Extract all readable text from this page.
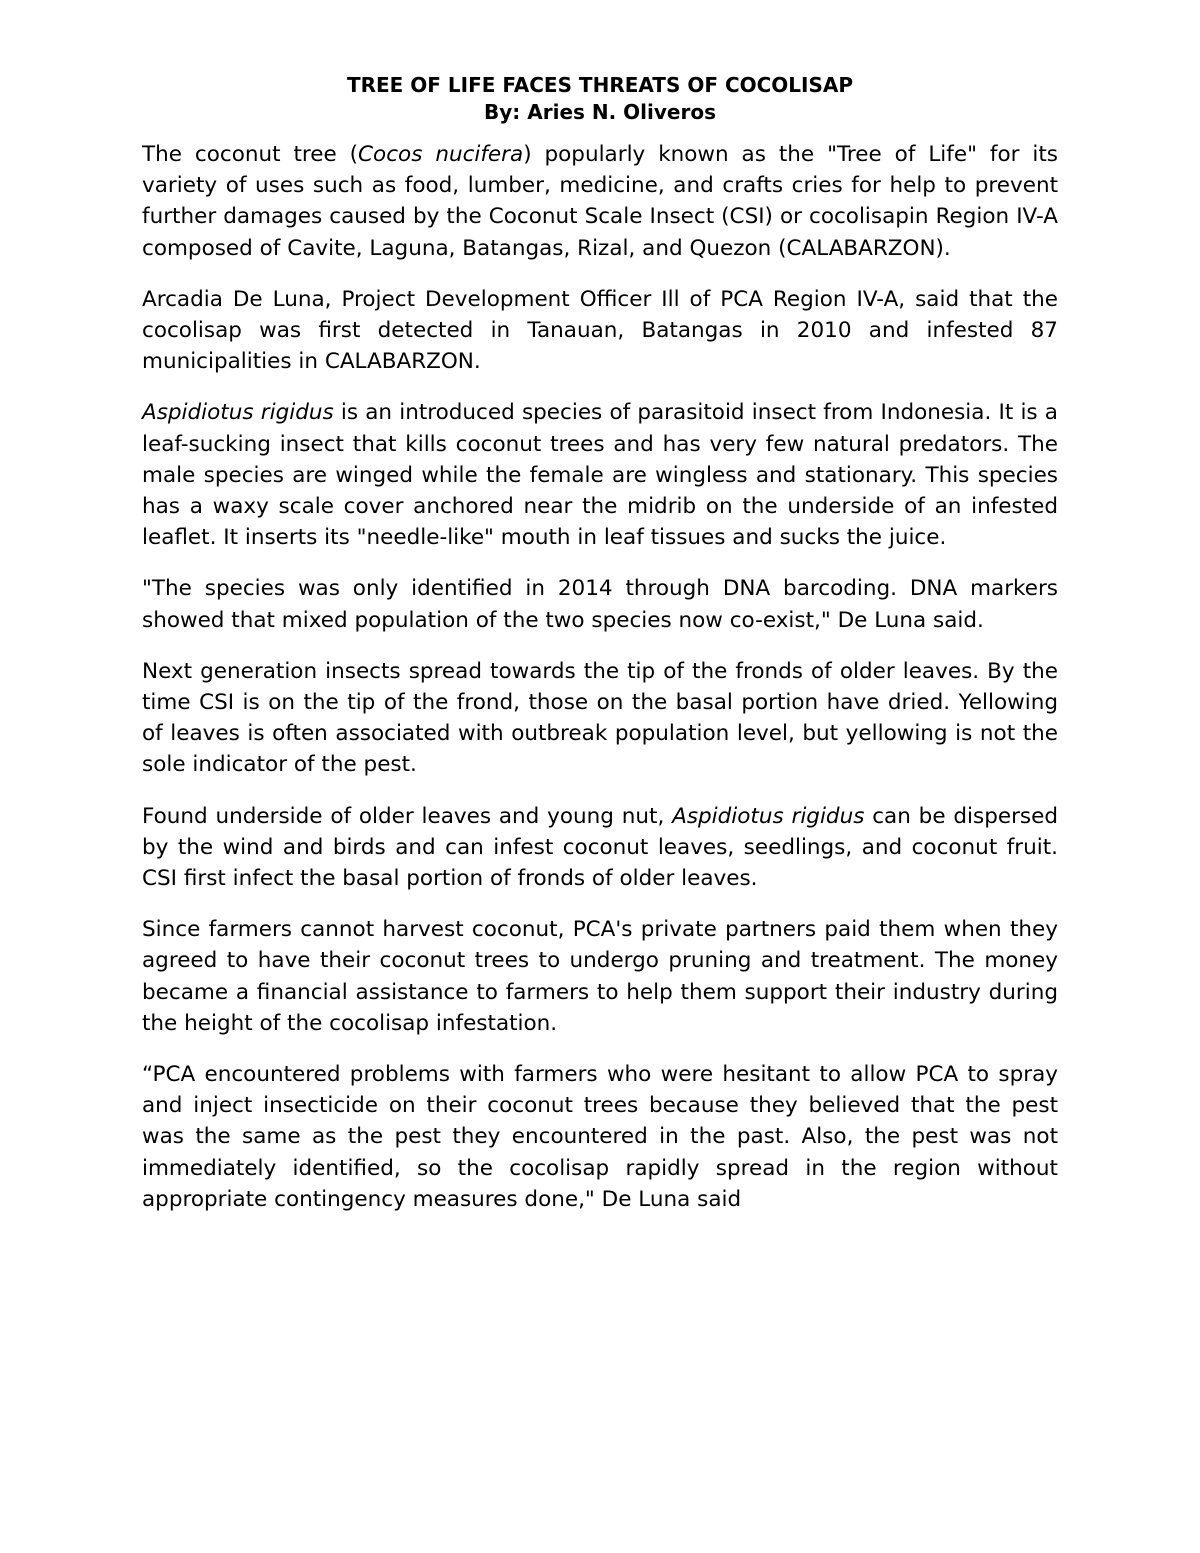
TREE OF LIFE FACES THREATS OF COCOLISAP

By: Aries N. Oliveros

The coconut tree (Cocos nucifera) popularly known as the "Tree of Life" for its variety of uses such as food, lumber, medicine, and crafts cries for help to prevent further damages caused by the Coconut Scale Insect (CSI) or cocolisapin Region IV-A composed of Cavite, Laguna, Batangas, Rizal, and Quezon (CALABARZON).

Arcadia De Luna, Project Development Officer Ill of PCA Region IV-A, said that the cocolisap was first detected in Tanauan, Batangas in 2010 and infested 87 municipalities in CALABARZON.

Aspidiotus rigidus is an introduced species of parasitoid insect from Indonesia. It is a leaf-sucking insect that kills coconut trees and has very few natural predators. The male species are winged while the female are wingless and stationary. This species has a waxy scale cover anchored near the midrib on the underside of an infested leaflet. It inserts its "needle-like" mouth in leaf tissues and sucks the juice.

"The species was only identified in 2014 through DNA barcoding. DNA markers showed that mixed population of the two species now co-exist," De Luna said.

Next generation insects spread towards the tip of the fronds of older leaves. By the time CSI is on the tip of the frond, those on the basal portion have dried. Yellowing of leaves is often associated with outbreak population level, but yellowing is not the sole indicator of the pest.

Found underside of older leaves and young nut, Aspidiotus rigidus can be dispersed by the wind and birds and can infest coconut leaves, seedlings, and coconut fruit. CSI first infect the basal portion of fronds of older leaves.

Since farmers cannot harvest coconut, PCA's private partners paid them when they agreed to have their coconut trees to undergo pruning and treatment. The money became a financial assistance to farmers to help them support their industry during the height of the cocolisap infestation.

“PCA encountered problems with farmers who were hesitant to allow PCA to spray and inject insecticide on their coconut trees because they believed that the pest was the same as the pest they encountered in the past. Also, the pest was not immediately identified, so the cocolisap rapidly spread in the region without appropriate contingency measures done," De Luna said
